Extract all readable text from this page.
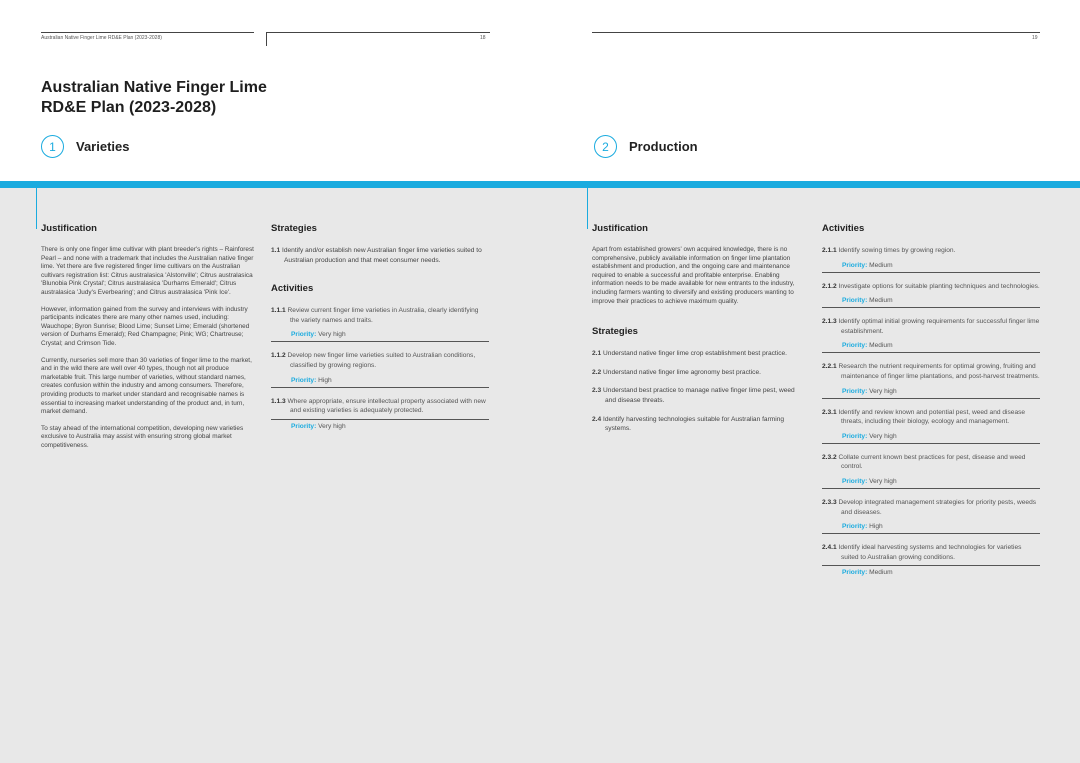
Australian Native Finger Lime RD&E Plan (2023-2028)	18	19
Australian Native Finger Lime RD&E Plan (2023-2028)
1	Varieties	2	Production
Justification
There is only one finger lime cultivar with plant breeder's rights – Rainforest Pearl – and none with a trademark that includes the Australian native finger lime. Yet there are five registered finger lime cultivars on the Australian cultivars registration list: Citrus australasica 'Alstonville'; Citrus australasica 'Blunobia Pink Crystal'; Citrus australasica 'Durhams Emerald'; Citrus australasica 'Judy's Everbearing'; and Citrus australasica 'Pink Ice'.
However, information gained from the survey and interviews with industry participants indicates there are many other names used, including: Wauchope; Byron Sunrise; Blood Lime; Sunset Lime; Emerald (shortened version of Durhams Emerald); Red Champagne; Pink; WG; Chartreuse; Crystal; and Crimson Tide.
Currently, nurseries sell more than 30 varieties of finger lime to the market, and in the wild there are well over 40 types, though not all produce marketable fruit. This large number of varieties, without standard names, creates confusion within the industry and among consumers. Therefore, providing products to market under standard and recognisable names is essential to increasing market understanding of the product and, in turn, market demand.
To stay ahead of the international competition, developing new varieties exclusive to Australia may assist with ensuring strong global market competitiveness.
Strategies
1.1 Identify and/or establish new Australian finger lime varieties suited to Australian production and that meet consumer needs.
Activities
1.1.1 Review current finger lime varieties in Australia, clearly identifying the variety names and traits.
Priority: Very high
1.1.2 Develop new finger lime varieties suited to Australian conditions, classified by growing regions.
Priority: High
1.1.3 Where appropriate, ensure intellectual property associated with new and existing varieties is adequately protected.
Priority: Very high
Justification
Apart from established growers' own acquired knowledge, there is no comprehensive, publicly available information on finger lime plantation establishment and production, and the ongoing care and maintenance required to enable a successful and profitable enterprise. Enabling information needs to be made available for new entrants to the industry, including farmers wanting to diversify and existing producers wanting to improve their practices to achieve maximum quality.
Strategies
2.1 Understand native finger lime crop establishment best practice.
2.2 Understand native finger lime agronomy best practice.
2.3 Understand best practice to manage native finger lime pest, weed and disease threats.
2.4 Identify harvesting technologies suitable for Australian farming systems.
Activities
2.1.1 Identify sowing times by growing region.
Priority: Medium
2.1.2 Investigate options for suitable planting techniques and technologies.
Priority: Medium
2.1.3 Identify optimal initial growing requirements for successful finger lime establishment.
Priority: Medium
2.2.1 Research the nutrient requirements for optimal growing, fruiting and maintenance of finger lime plantations, and post-harvest treatments.
Priority: Very high
2.3.1 Identify and review known and potential pest, weed and disease threats, including their biology, ecology and management.
Priority: Very high
2.3.2 Collate current known best practices for pest, disease and weed control.
Priority: Very high
2.3.3 Develop integrated management strategies for priority pests, weeds and diseases.
Priority: High
2.4.1 Identify ideal harvesting systems and technologies for varieties suited to Australian growing conditions.
Priority: Medium
